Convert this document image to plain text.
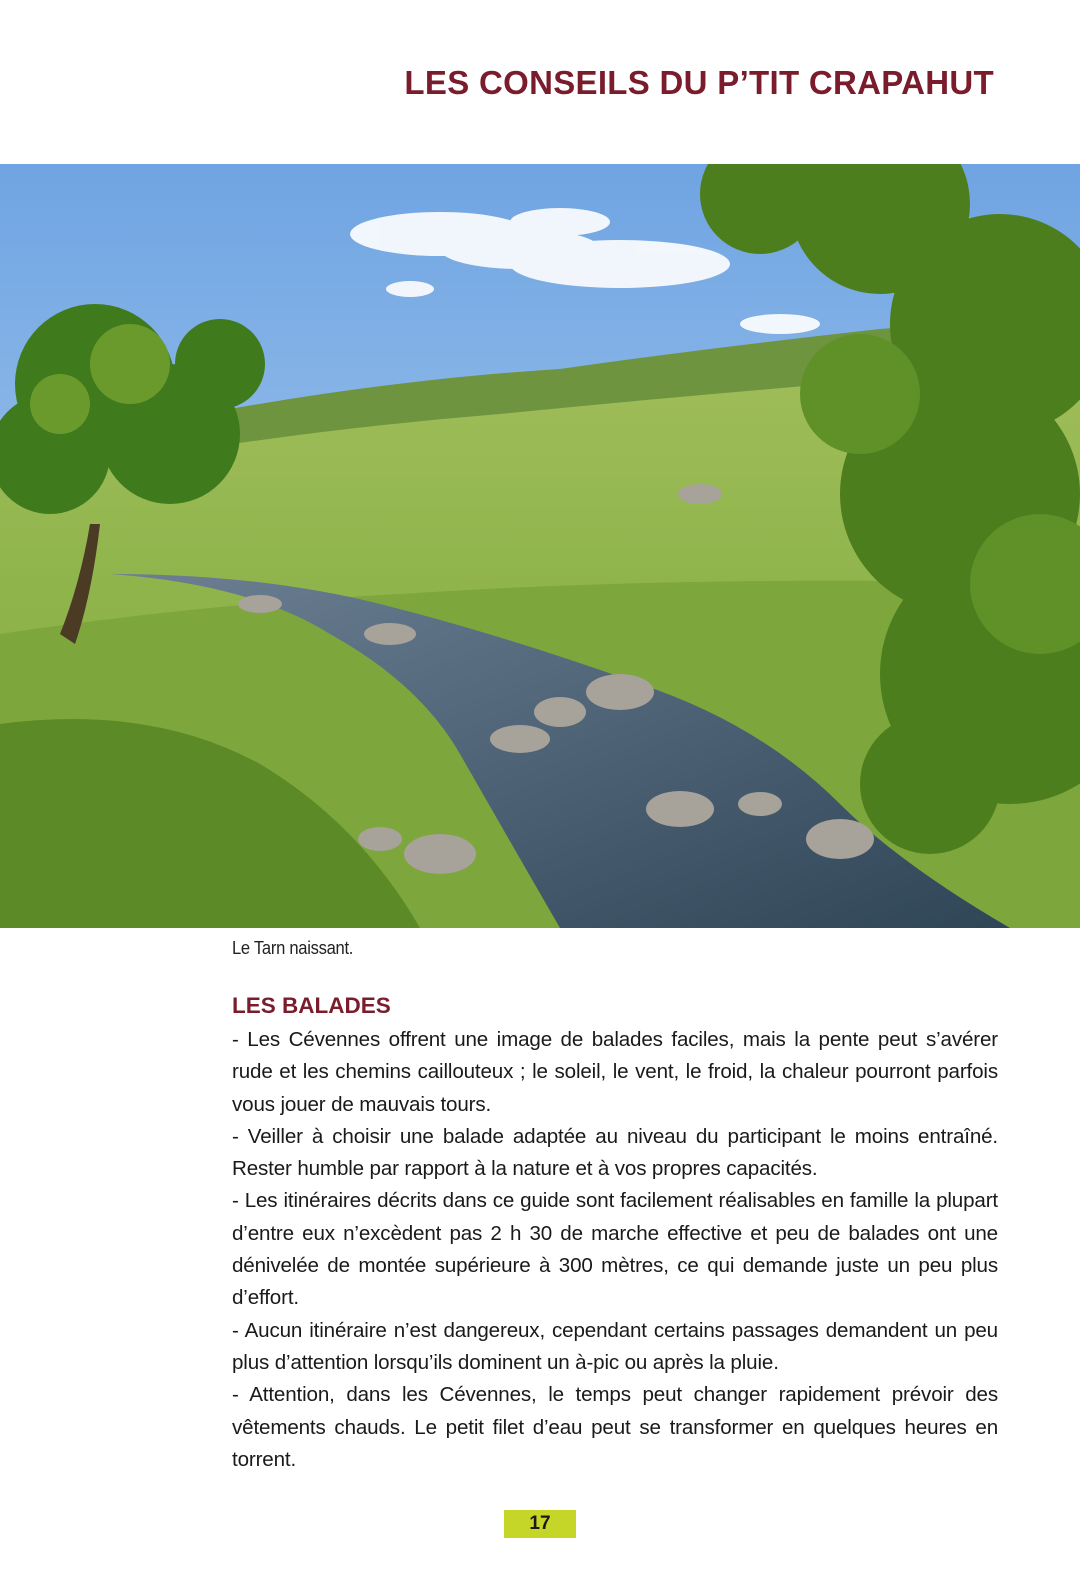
LES CONSEILS DU P’TIT CRAPAHUT
Le Tarn naissant.
LES BALADES

- Les Cévennes offrent une image de balades faciles, mais la pente peut s’avérer rude et les chemins caillouteux ; le soleil, le vent, le froid, la chaleur pourront parfois vous jouer de mauvais tours.

- Veiller à choisir une balade adaptée au niveau du participant le moins entraîné. Rester humble par rapport à la nature et à vos propres capacités.

- Les itinéraires décrits dans ce guide sont facilement réalisables en famille la plupart d’entre eux n’excèdent pas 2 h 30 de marche effective et peu de balades ont une dénivelée de montée supérieure à 300 mètres, ce qui demande juste un peu plus d’effort.

- Aucun itinéraire n’est dangereux, cependant certains passages demandent un peu plus d’attention lorsqu’ils dominent un à-pic ou après la pluie.

- Attention, dans les Cévennes, le temps peut changer rapidement prévoir des vêtements chauds. Le petit filet d’eau peut se transformer en quelques heures en torrent.

17
